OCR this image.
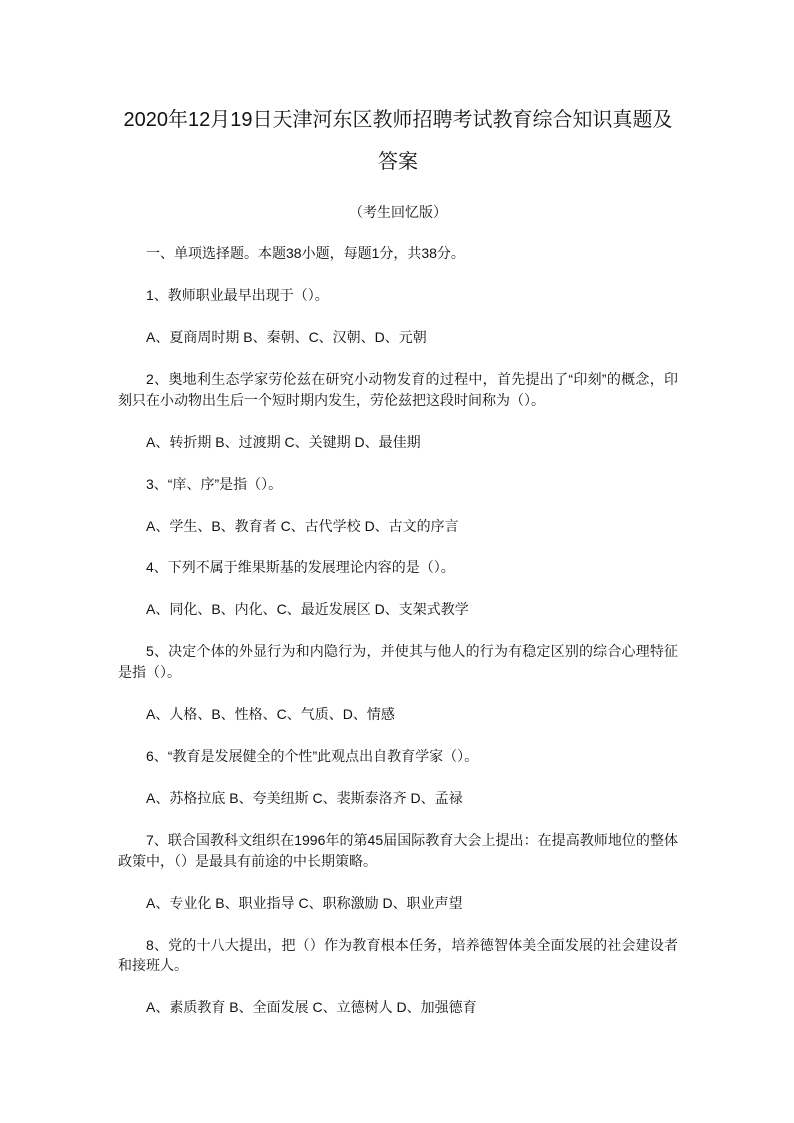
2020年12月19日天津河东区教师招聘考试教育综合知识真题及答案
（考生回忆版）

一、单项选择题。本题38小题，每题1分，共38分。

1、教师职业最早出现于（）。

A、夏商周时期 B、秦朝、C、汉朝、D、元朝

2、奥地利生态学家劳伦兹在研究小动物发育的过程中，首先提出了“印刻”的概念，印刻只在小动物出生后一个短时期内发生，劳伦兹把这段时间称为（）。

A、转折期 B、过渡期 C、关键期 D、最佳期

3、“庠、序”是指（）。

A、学生、B、教育者 C、古代学校 D、古文的序言

4、下列不属于维果斯基的发展理论内容的是（）。

A、同化、B、内化、C、最近发展区 D、支架式教学

5、决定个体的外显行为和内隐行为，并使其与他人的行为有稳定区别的综合心理特征是指（）。

A、人格、B、性格、C、气质、D、情感

6、“教育是发展健全的个性”此观点出自教育学家（）。

A、苏格拉底 B、夸美纽斯 C、裴斯泰洛齐 D、孟禄

7、联合国教科文组织在1996年的第45届国际教育大会上提出：在提高教师地位的整体政策中，（）是最具有前途的中长期策略。

A、专业化 B、职业指导 C、职称激励 D、职业声望

8、党的十八大提出，把（）作为教育根本任务，培养德智体美全面发展的社会建设者和接班人。

A、素质教育 B、全面发展 C、立德树人 D、加强德育
